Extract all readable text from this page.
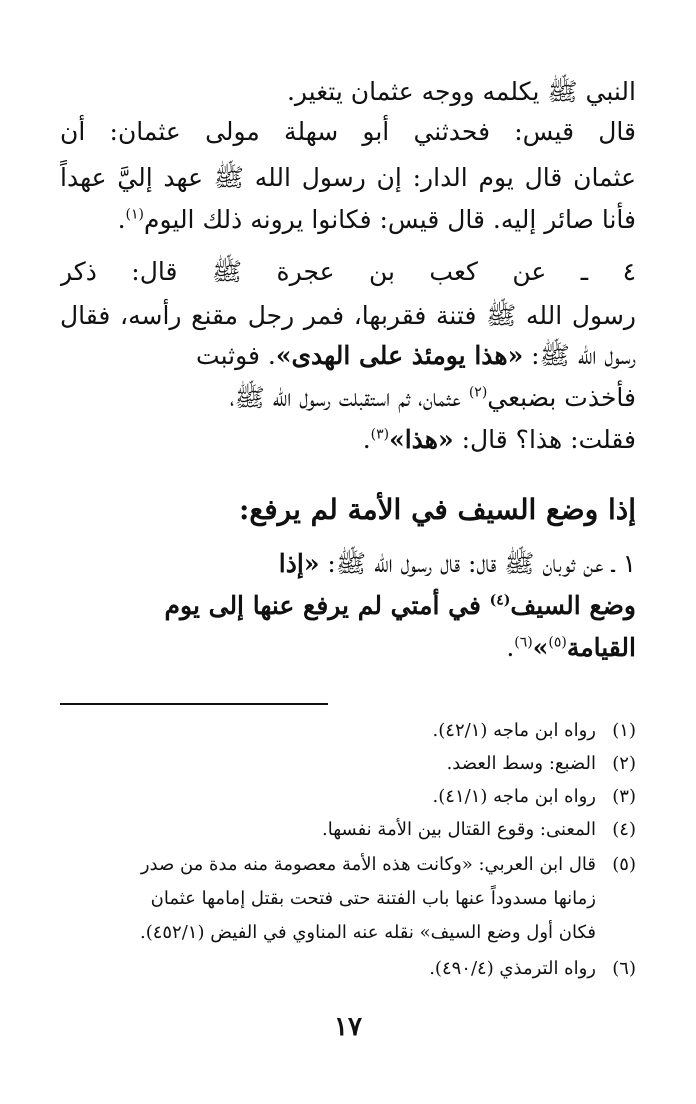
النبي ﷺ يكلمه ووجه عثمان يتغير.
قال قيس: فحدثني أبو سهلة مولى عثمان: أن
عثمان قال يوم الدار: إن رسول الله ﷺ عهد إليَّ عهداً
فأنا صائر إليه. قال قيس: فكانوا يرونه ذلك اليوم$^{(١)}$.
٤ ـ عن كعب بن عجرة ﷺ قال: ذكر
رسول الله ﷺ فتنة فقربها، فمر رجل مقنع رأسه، فقال
رسول الله ﷺ: «هذا يومئذ على الهدى». فوثبت
فأخذت بضبعي$^{(٢)}$ عثمان، ثم استقبلت رسول الله ﷺ،
فقلت: هذا؟ قال: «هذا»$^{(٣)}$.
إذا وضع السيف في الأمة لم يرفع:
١ ـ عن ثوبان ﷺ قال: قال رسول الله ﷺ: «إذا
وضع السيف$^{(٤)}$ في أمتي لم يرفع عنها إلى يوم
القيامة$^{(٥)}$»$^{(٦)}$.
(١)رواه ابن ماجه (٤٢/١).
(٢)الضبع: وسط العضد.
(٣)رواه ابن ماجه (٤١/١).
(٤)المعنى: وقوع القتال بين الأمة نفسها.
(٥)قال ابن العربي: «وكانت هذه الأمة معصومة منه مدة من صدر
زمانها مسدوداً عنها باب الفتنة حتى فتحت بقتل إمامها عثمان
فكان أول وضع السيف» نقله عنه المناوي في الفيض (٤٥٢/١).
(٦)رواه الترمذي (٤٩٠/٤).
١٧
